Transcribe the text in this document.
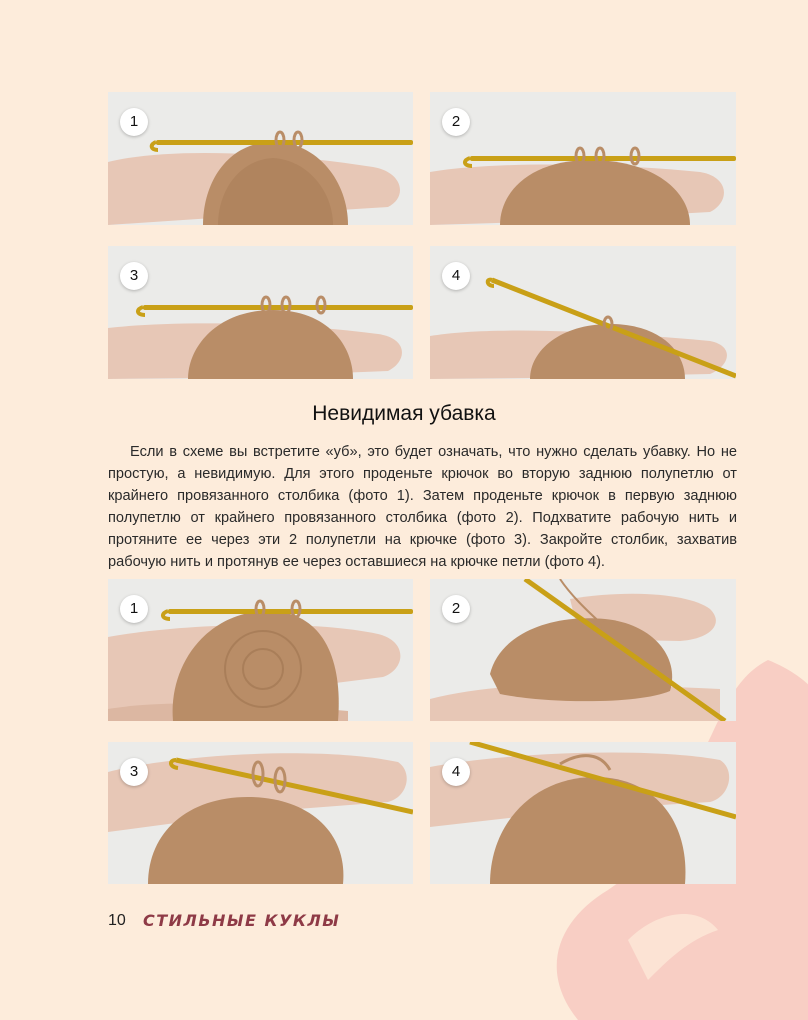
1	2
3	4
Невидимая убавка

Если в схеме вы встретите «уб», это будет означать, что нужно сделать убавку. Но не простую, а невидимую. Для этого проденьте крючок во вторую заднюю полупетлю от крайнего провязанного столбика (фото 1). Затем проденьте крючок в первую заднюю полупетлю от крайнего провязанного столбика (фото 2). Подхватите рабочую нить и протяните ее через эти 2 полупетли на крючке (фото 3). Закройте столбик, захватив рабочую нить и протянув ее через оставшиеся на крючке петли (фото 4).

1	2
3	4
10 СТИЛЬНЫЕ КУКЛЫ
